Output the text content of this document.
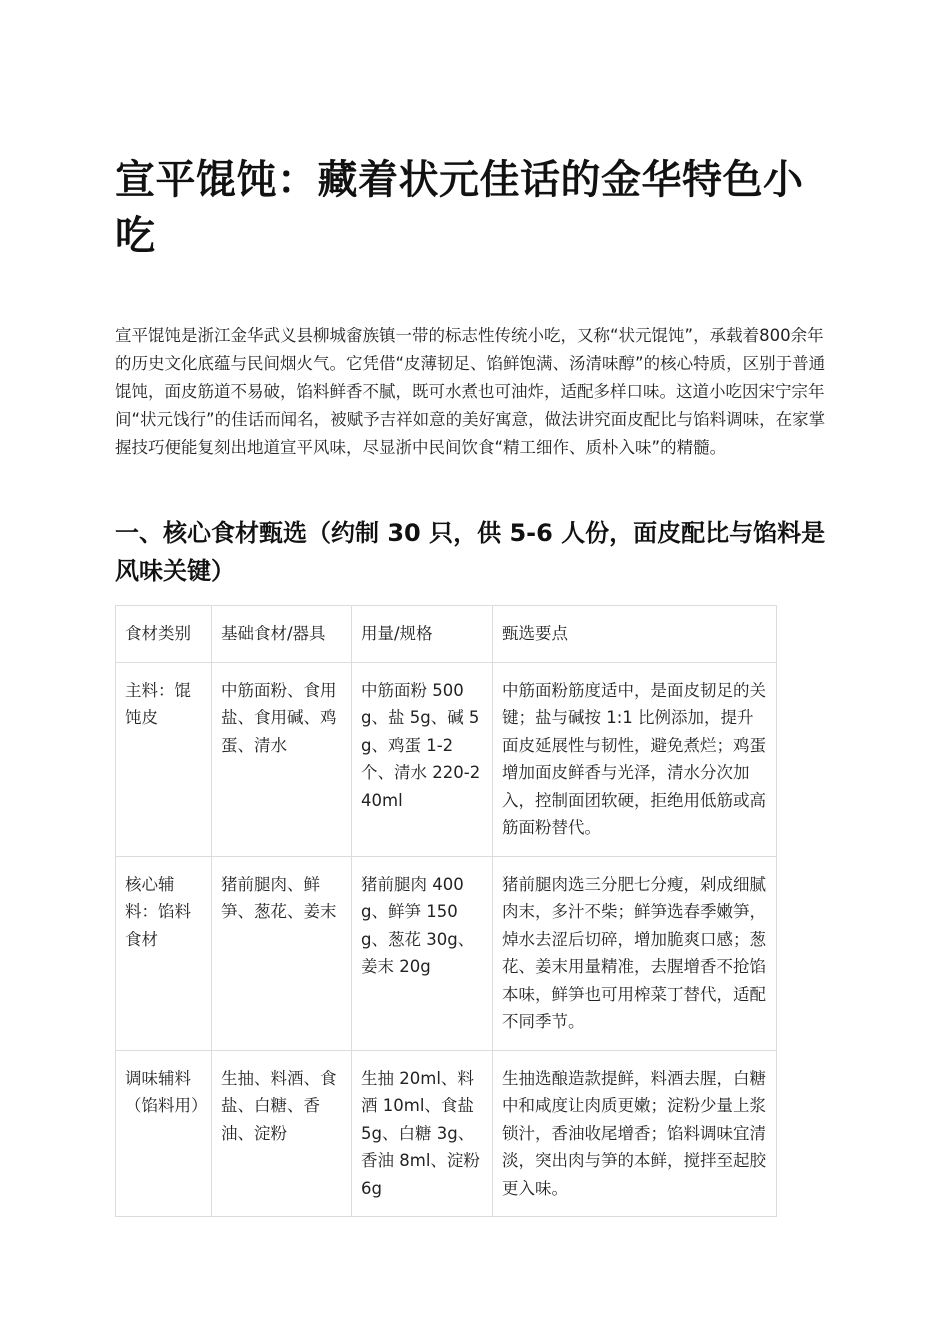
宣平馄饨：藏着状元佳话的金华特色小吃

宣平馄饨是浙江金华武义县柳城畲族镇一带的标志性传统小吃，又称“状元馄饨”，承载着800余年的历史文化底蕴与民间烟火气。它凭借“皮薄韧足、馅鲜饱满、汤清味醇”的核心特质，区别于普通馄饨，面皮筋道不易破，馅料鲜香不腻，既可水煮也可油炸，适配多样口味。这道小吃因宋宁宗年间“状元饯行”的佳话而闻名，被赋予吉祥如意的美好寓意，做法讲究面皮配比与馅料调味，在家掌握技巧便能复刻出地道宣平风味，尽显浙中民间饮食“精工细作、质朴入味”的精髓。

一、核心食材甄选（约制 30 只，供 5-6 人份，面皮配比与馅料是风味关键）
食材类别	基础食材/器具	用量/规格	甄选要点
主料：馄饨皮	中筋面粉、食用盐、食用碱、鸡蛋、清水	中筋面粉 500g、盐 5g、碱 5g、鸡蛋 1-2 个、清水 220-240ml	中筋面粉筋度适中，是面皮韧足的关键；盐与碱按 1:1 比例添加，提升面皮延展性与韧性，避免煮烂；鸡蛋增加面皮鲜香与光泽，清水分次加入，控制面团软硬，拒绝用低筋或高筋面粉替代。
核心辅料：馅料食材	猪前腿肉、鲜笋、葱花、姜末	猪前腿肉 400g、鲜笋 150g、葱花 30g、姜末 20g	猪前腿肉选三分肥七分瘦，剁成细腻肉末，多汁不柴；鲜笋选春季嫩笋，焯水去涩后切碎，增加脆爽口感；葱花、姜末用量精准，去腥增香不抢馅本味，鲜笋也可用榨菜丁替代，适配不同季节。
调味辅料（馅料用）	生抽、料酒、食盐、白糖、香油、淀粉	生抽 20ml、料酒 10ml、食盐 5g、白糖 3g、香油 8ml、淀粉 6g	生抽选酿造款提鲜，料酒去腥，白糖中和咸度让肉质更嫩；淀粉少量上浆锁汁，香油收尾增香；馅料调味宜清淡，突出肉与笋的本鲜，搅拌至起胶更入味。
